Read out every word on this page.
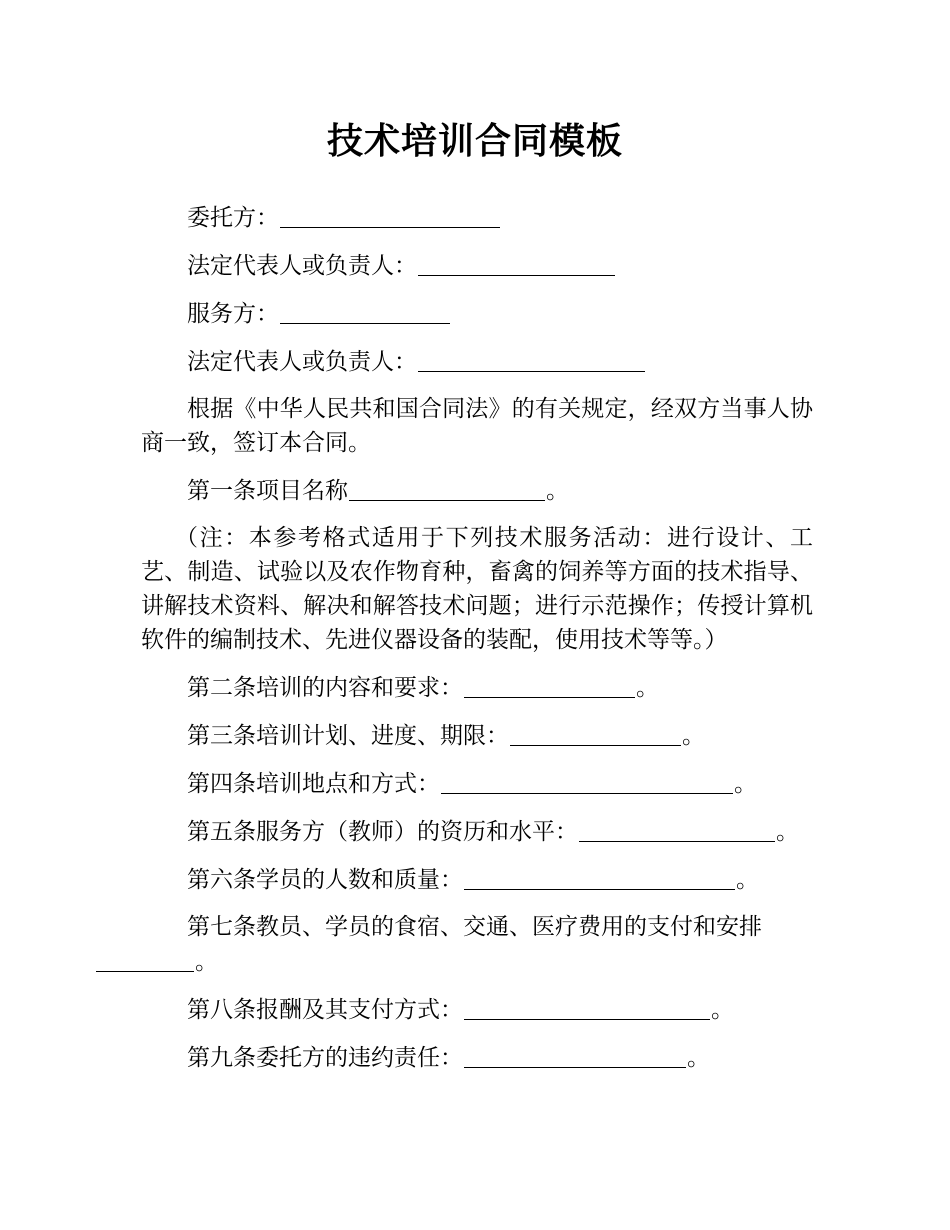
技术培训合同模板

委托方：

法定代表人或负责人：

服务方：

法定代表人或负责人：

根据《中华人民共和国合同法》的有关规定，经双方当事人协商一致，签订本合同。

第一条项目名称	。

（注：本参考格式适用于下列技术服务活动：进行设计、工艺、制造、试验以及农作物育种，畜禽的饲养等方面的技术指导、讲解技术资料、解决和解答技术问题；进行示范操作；传授计算机软件的编制技术、先进仪器设备的装配，使用技术等等。）

第二条培训的内容和要求：	。

第三条培训计划、进度、期限：	。

第四条培训地点和方式：	。

第五条服务方（教师）的资历和水平：	。

第六条学员的人数和质量：	。

第七条教员、学员的食宿、交通、医疗费用的支付和安排
。

第八条报酬及其支付方式：	。

第九条委托方的违约责任：	。
